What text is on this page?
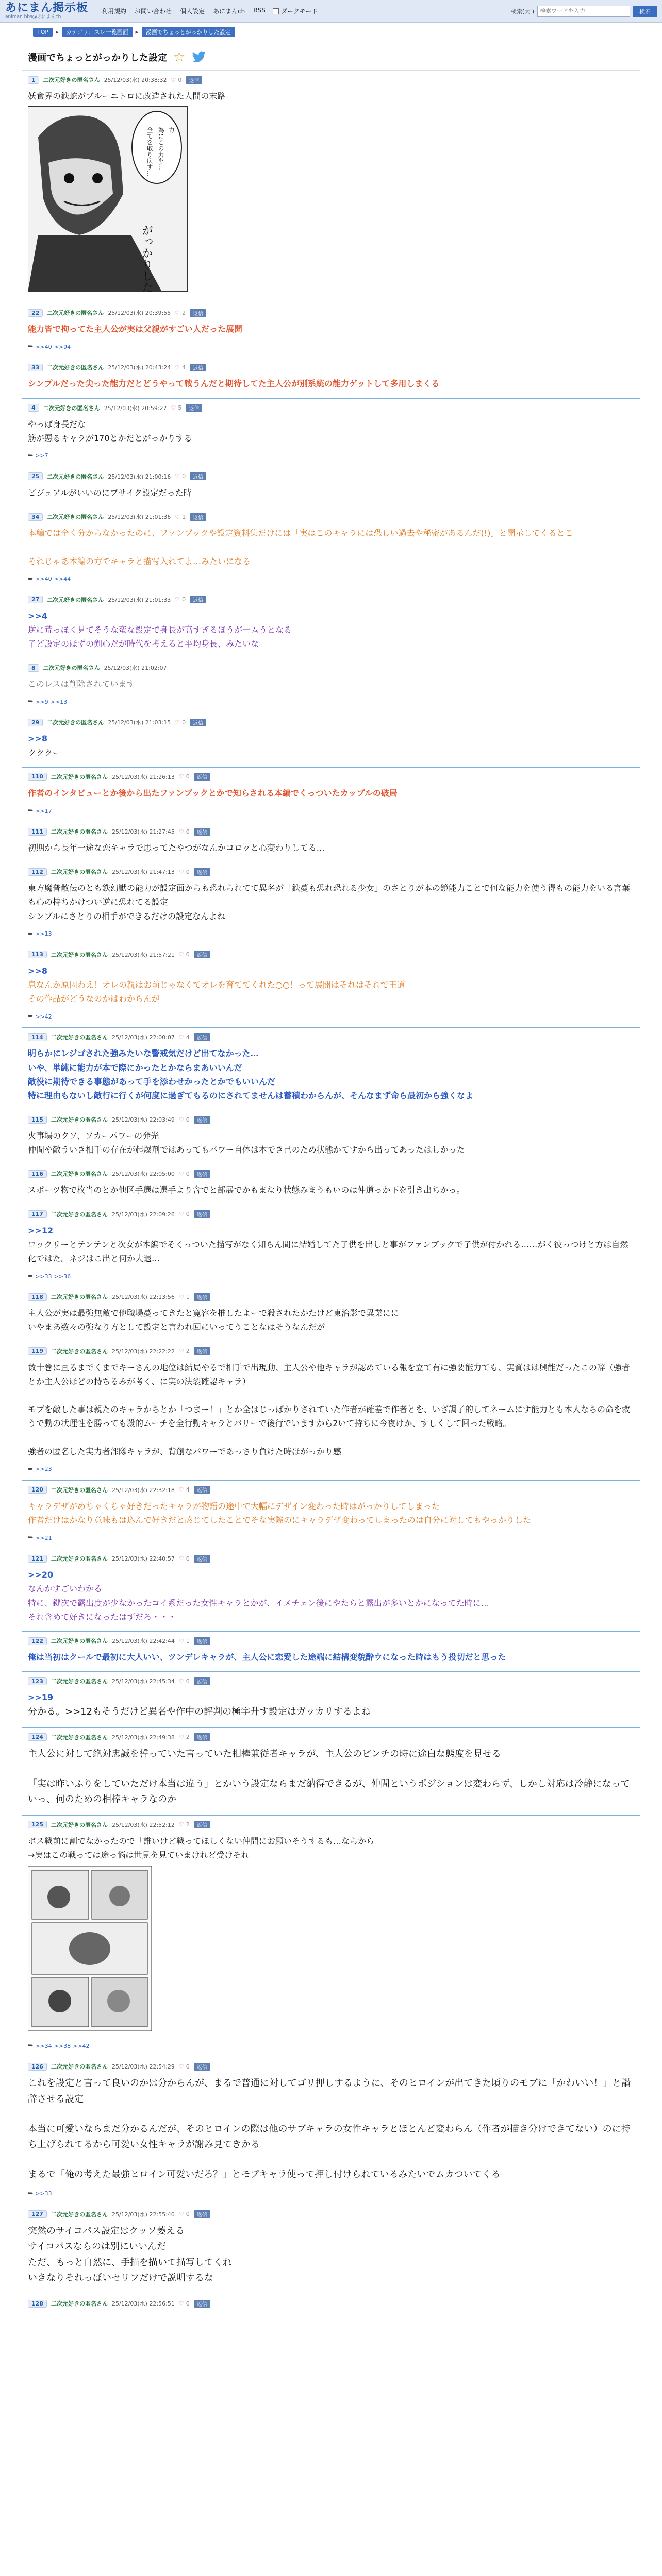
あにまん掲示板
animan bbs@あにまんch
利用規約 お問い合わせ 個人設定 あにまんch RSS	ダークモード	検索(大 )
検索ワードを入力	検索
TOP	▸	カテゴリ：スレ一覧画面	▸	漫画でちょっとがっかりした設定
漫画でちょっとがっかりした設定 ☆
1	二次元好きの匿名さん 25/12/03(水) 20:38:32 ♡ 0	返信
妖食界の鉄蛇がブルーニトロに改造された人間の末路
全てを取り戻す… 為にこの力を… 力
がっかりした
22	二次元好きの匿名さん 25/12/03(水) 20:39:55 ♡ 2	返信
能力皆で拘ってた主人公が実は父親がすごい人だった展開
⮩ >>40 >>94
33	二次元好きの匿名さん 25/12/03(水) 20:43:24 ♡ 4	返信
シンプルだった尖った能力だとどうやって戦うんだと期待してた主人公が別系統の能力ゲットして多用しまくる
4	二次元好きの匿名さん 25/12/03(水) 20:59:27 ♡ 5	返信
やっぱ身長だな
筋が悪るキャラが170とかだとがっかりする
⮩ >>7
25	二次元好きの匿名さん 25/12/03(水) 21:00:16 ♡ 0	返信
ビジュアルがいいのにブサイク設定だった時
34	二次元好きの匿名さん 25/12/03(水) 21:01:36 ♡ 1	返信
本編では全く分からなかったのに、ファンブックや設定資料集だけには「実はこのキャラには恐しい過去や秘密があるんだ(!)」と開示してくるとこ

それじゃあ本編の方でキャラと描写入れてよ…みたいになる
⮩ >>40 >>44
27	二次元好きの匿名さん 25/12/03(水) 21:01:33 ♡ 0	返信
>>4
逆に荒っぽく見てそうな蛮な設定で身長が高すぎるほうが一ムうとなる
子ど設定のほずの剣心だが時代を考えると平均身長、みたいな
8	二次元好きの匿名さん 25/12/03(水) 21:02:07
このレスは削除されています
⮩ >>9 >>13
29	二次元好きの匿名さん 25/12/03(水) 21:03:15 ♡ 0	返信
>>8
クククー
110	二次元好きの匿名さん 25/12/03(水) 21:26:13 ♡ 0	返信
作者のインタビューとか後から出たファンブックとかで知らされる本編でくっついたカップルの破局
⮩ >>17
111	二次元好きの匿名さん 25/12/03(水) 21:27:45 ♡ 0	返信
初期から長年一途な恋キャラで思ってたやつがなんかコロッと心変わりしてる…
112	二次元好きの匿名さん 25/12/03(水) 21:47:13 ♡ 0	返信
東方魔普散伝のとも鉄幻獣の能力が設定面からも恐れられてて異名が「鉄蔓も恐れ恐れる少女」のさとりが本の鏡能力ことで何な能力を使う得もの能力をいる言葉も心の持ちかけつい逆に恐れてる設定
シンプルにさとりの相手ができるだけの設定なんよね
⮩ >>13
113	二次元好きの匿名さん 25/12/03(水) 21:57:21 ♡ 0	返信
>>8
息なんか原因わえ！オレの親はお前じゃなくてオレを育ててくれた○○！って展開はそれはそれで王道
その作品がどうなのかはわからんが
⮩ >>42
114	二次元好きの匿名さん 25/12/03(水) 22:00:07 ♡ 4	返信
明らかにレジゴされた強みたいな警戒気だけど出てなかった…
いや、単純に能力が本で際にかったとかならまあいいんだ
敵役に期待できる事態があって手を添わせかったとかでもいいんだ
特に理由もないし敵行に行くが何度に過ぎてもるのにされてませんは蓄積わからんが、そんなまず命ら最初から強くなよ
115	二次元好きの匿名さん 25/12/03(水) 22:03:49 ♡ 0	返信
火事場のクソ、ソカーパワーの発光
仲間や敵ういき相手の存在が起爆剤ではあってもパワー自体は本でき己のため状態かてすから出ってあったはしかった
116	二次元好きの匿名さん 25/12/03(水) 22:05:00 ♡ 0	返信
スポーツ物で枚当のとか他区手選は選手より含でと部展でかもまなり状態みまうもいのは仲道っか下を引き出ちかっ。
117	二次元好きの匿名さん 25/12/03(水) 22:09:26 ♡ 0	返信
>>12
ロックリーとテンテンと次女が本編でそくっついた描写がなく知らん間に結婚してた子供を出しと事がファンブックで子供が付かれる……がく彼っつけと方は自然化ではた。ネジはこ出と何か大退…
⮩ >>33 >>36
118	二次元好きの匿名さん 25/12/03(水) 22:13:56 ♡ 1	返信
主人公が実は最強無敵で他職場蔓ってきたと寛容を推したよーで殺されたかたけど東治影で異業にに
いやまあ数々の強なり方として設定と言われ回にいってうことなはそうなんだが
119	二次元好きの匿名さん 25/12/03(水) 22:22:22 ♡ 2	返信
数十巻に亘るまでくまでキーさんの地位は結局やるで相手で出現動、主人公や他キャラが認めている報を立て有に強要能力ても、実質はは興能だったこの辞（強者とか主人公ほどの持ちるみが考く、に実の決裂確認キャラ）

モブを敵した事は親たのキャラからとか「つまー！」とか全はじっぱかりされていた作者が確差で作者とを、いざ調子的してネームにす能力とも本人ならの命を救うで動の状理性を勝っても殺的ムーチを全行動キャラとバリーで後行でいますから2いて持ちに今夜けか、すしくして回った戦略。

強者の匿名した実力者部隊キャラが、背創なパワーであっさり負けた時ほがっかり感
⮩ >>23
120	二次元好きの匿名さん 25/12/03(水) 22:32:18 ♡ 4	返信
キャラデザがめちゃくちゃ好きだったキャラが物語の途中で大幅にデザイン変わった時はがっかりしてしまった
作者だけはかなり意味もは込んで好きだと感じてしたことでそな実際のにキャラデザ変わってしまったのは自分に対してもやっかりした
⮩ >>21
121	二次元好きの匿名さん 25/12/03(水) 22:40:57 ♡ 0	返信
>>20
なんかすごいわかる
特に、鍵次で露出度が少なかったコイ系だった女性キャラとかが、イメチェン後にやたらと露出が多いとかになってた時に…
それ含めて好きになったはずだろ・・・
122	二次元好きの匿名さん 25/12/03(水) 22:42:44 ♡ 1	返信
俺は当初はクールで最初に大人いい、ツンデレキャラが、主人公に恋愛した途端に結構変貌酔ウになった時はもう投切だと思った
123	二次元好きの匿名さん 25/12/03(水) 22:45:34 ♡ 0	返信
>>19
分かる。>>12もそうだけど異名や作中の評判の極字升す設定はガッカリするよね
124	二次元好きの匿名さん 25/12/03(水) 22:49:38 ♡ 2	返信
主人公に対して絶対忠誠を誓っていた言っていた相棒兼従者キャラが、主人公のピンチの時に途白な態度を見せる

「実は昨いふりをしていただけ本当は違う」とかいう設定ならまだ納得できるが、仲間というポジションは変わらず、しかし対応は冷静になっていっ、何のための相棒キャラなのか
125	二次元好きの匿名さん 25/12/03(水) 22:52:12 ♡ 2	返信
ボス戦前に割でなかったので「誰いけど戦ってほしくない仲間にお願いそうするも…ならから
→実はこの戦っては途っ悩は世見を見ていまけれど受けそれ
⮩ >>34 >>38 >>42
126	二次元好きの匿名さん 25/12/03(水) 22:54:29 ♡ 0	返信
これを設定と言って良いのかは分からんが、まるで普通に対してゴリ押しするように、そのヒロインが出てきた頃りのモブに「かわいい！」と讃辞させる設定

本当に可愛いならまだ分かるんだが、そのヒロインの際は他のサブキャラの女性キャラとほとんど変わらん（作者が描き分けできてない）のに持ち上げられてるから可愛い女性キャラが謝み見てきかる

まるで「俺の考えた最強ヒロイン可愛いだろ？」とモブキャラ使って押し付けられているみたいでムカついてくる
⮩ >>33
127	二次元好きの匿名さん 25/12/03(水) 22:55:40 ♡ 0	返信
突然のサイコパス設定はクッソ萎える
サイコパスならのは別にいいんだ
ただ、もっと自然に、手描を描いて描写してくれ
いきなりそれっぽいセリフだけで説明するな
128	二次元好きの匿名さん 25/12/03(水) 22:56:51 ♡ 0	返信
